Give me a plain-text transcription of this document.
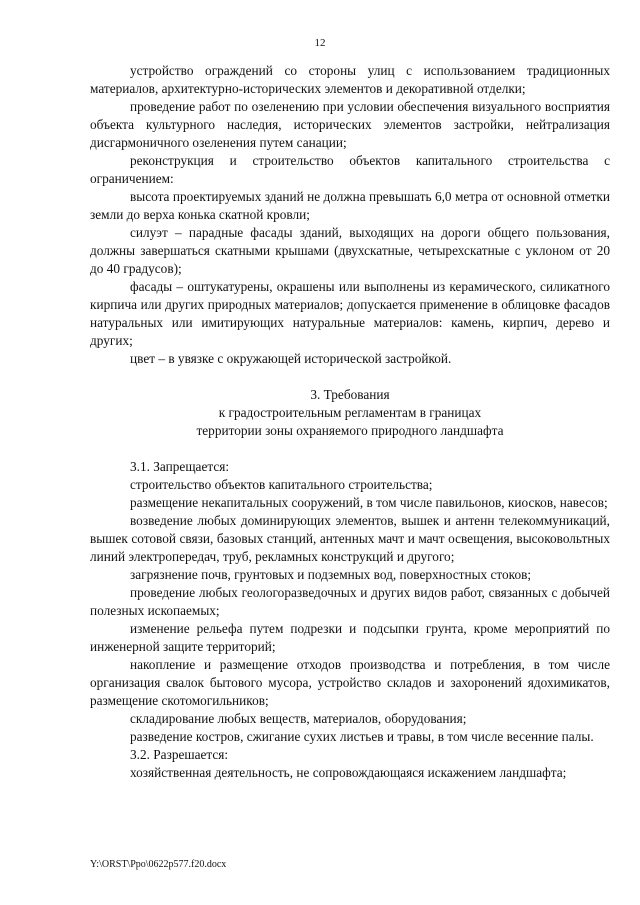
12

устройство ограждений со стороны улиц с использованием традиционных материалов, архитектурно-исторических элементов и декоративной отделки;

проведение работ по озеленению при условии обеспечения визуального восприятия объекта культурного наследия, исторических элементов застройки, нейтрализация дисгармоничного озеленения путем санации;

реконструкция и строительство объектов капитального строительства с ограничением:

высота проектируемых зданий не должна превышать 6,0 метра от основной отметки земли до верха конька скатной кровли;

силуэт – парадные фасады зданий, выходящих на дороги общего пользования, должны завершаться скатными крышами (двухскатные, четырехскатные с уклоном от 20 до 40 градусов);

фасады – оштукатурены, окрашены или выполнены из керамического, силикатного кирпича или других природных материалов; допускается применение в облицовке фасадов натуральных или имитирующих натуральные материалов: камень, кирпич, дерево и других;

цвет – в увязке с окружающей исторической застройкой.

3. Требования

к градостроительным регламентам в границах

территории зоны охраняемого природного ландшафта

3.1. Запрещается:

строительство объектов капитального строительства;

размещение некапитальных сооружений, в том числе павильонов, киосков, навесов;

возведение любых доминирующих элементов, вышек и антенн телекоммуникаций, вышек сотовой связи, базовых станций, антенных мачт и мачт освещения, высоковольтных линий электропередач, труб, рекламных конструкций и другого;

загрязнение почв, грунтовых и подземных вод, поверхностных стоков;

проведение любых геологоразведочных и других видов работ, связанных с добычей полезных ископаемых;

изменение рельефа путем подрезки и подсыпки грунта, кроме мероприятий по инженерной защите территорий;

накопление и размещение отходов производства и потребления, в том числе организация свалок бытового мусора, устройство складов и захоронений ядохимикатов, размещение скотомогильников;

складирование любых веществ, материалов, оборудования;

разведение костров, сжигание сухих листьев и травы, в том числе весенние палы.

3.2. Разрешается:

хозяйственная деятельность, не сопровождающаяся искажением ландшафта;

Y:\ORST\Ppo\0622p577.f20.docx
